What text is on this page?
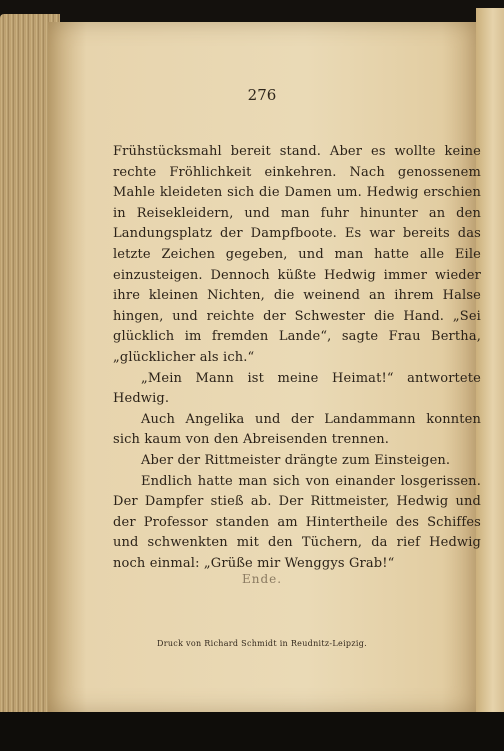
276

Frühstücksmahl bereit stand. Aber es wollte keine rechte Fröhlichkeit einkehren. Nach genossenem Mahle kleideten sich die Damen um. Hedwig erschien in Reisekleidern, und man fuhr hinunter an den Landungsplatz der Dampfboote. Es war bereits das letzte Zeichen gegeben, und man hatte alle Eile einzusteigen. Dennoch küßte Hedwig immer wieder ihre kleinen Nichten, die weinend an ihrem Halse hingen, und reichte der Schwester die Hand. „Sei glücklich im fremden Lande“, sagte Frau Bertha, „glücklicher als ich.“

„Mein Mann ist meine Heimat!“ antwortete Hedwig.

Auch Angelika und der Landammann konnten sich kaum von den Abreisenden trennen.

Aber der Rittmeister drängte zum Einsteigen.

Endlich hatte man sich von einander losgerissen. Der Dampfer stieß ab. Der Rittmeister, Hedwig und der Professor standen am Hintertheile des Schiffes und schwenkten mit den Tüchern, da rief Hedwig noch einmal: „Grüße mir Wenggys Grab!“

Ende.
Druck von Richard Schmidt in Reudnitz-Leipzig.
